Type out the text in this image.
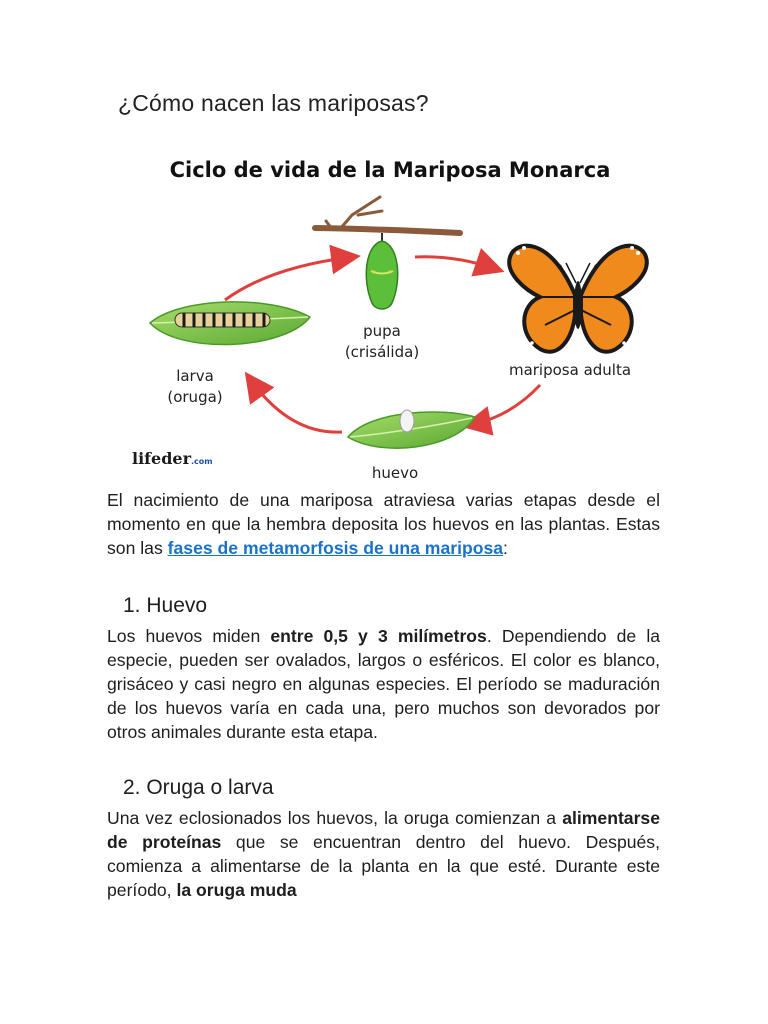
¿Cómo nacen las mariposas?
Ciclo de vida de la Mariposa Monarca
pupa
(crisálida)
mariposa adulta
larva
(oruga)
huevo
lifeder.com

El nacimiento de una mariposa atraviesa varias etapas desde el momento en que la hembra deposita los huevos en las plantas. Estas son las fases de metamorfosis de una mariposa:

1. Huevo

Los huevos miden entre 0,5 y 3 milímetros. Dependiendo de la especie, pueden ser ovalados, largos o esféricos. El color es blanco, grisáceo y casi negro en algunas especies. El período se maduración de los huevos varía en cada una, pero muchos son devorados por otros animales durante esta etapa.

2. Oruga o larva

Una vez eclosionados los huevos, la oruga comienzan a alimentarse de proteínas que se encuentran dentro del huevo. Después, comienza a alimentarse de la planta en la que esté. Durante este período, la oruga muda
